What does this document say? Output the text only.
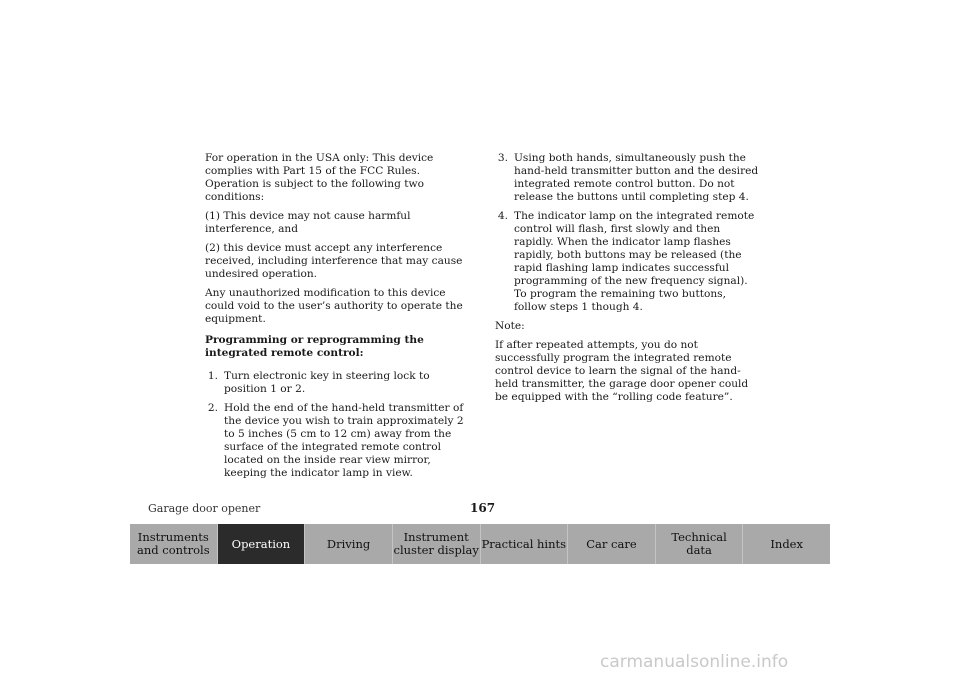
For operation in the USA only: This device complies with Part 15 of the FCC Rules. Operation is subject to the following two conditions:

(1) This device may not cause harmful interference, and

(2) this device must accept any interference received, including interference that may cause undesired operation.

Any unauthorized modification to this device could void to the user’s authority to operate the equipment.

Programming or reprogramming the integrated remote control:

1. Turn electronic key in steering lock to position 1 or 2.
2. Hold the end of the hand-held transmitter of the device you wish to train approximately 2 to 5 inches (5 cm to 12 cm) away from the surface of the integrated remote control located on the inside rear view mirror, keeping the indicator lamp in view.
3. Using both hands, simultaneously push the hand-held transmitter button and the desired integrated remote control button. Do not release the buttons until completing step 4.
4. The indicator lamp on the integrated remote control will flash, first slowly and then rapidly. When the indicator lamp flashes rapidly, both buttons may be released (the rapid flashing lamp indicates successful programming of the new frequency signal). To program the remaining two buttons, follow steps 1 though 4.

Note:

If after repeated attempts, you do not successfully program the integrated remote control device to learn the signal of the hand-held transmitter, the garage door opener could be equipped with the “rolling code feature”.

Garage door opener	167
Instruments
and controls	Operation	Driving	Instrument
cluster display Practical hints	Car care	Technical
data	Index
carmanualsonline.info
